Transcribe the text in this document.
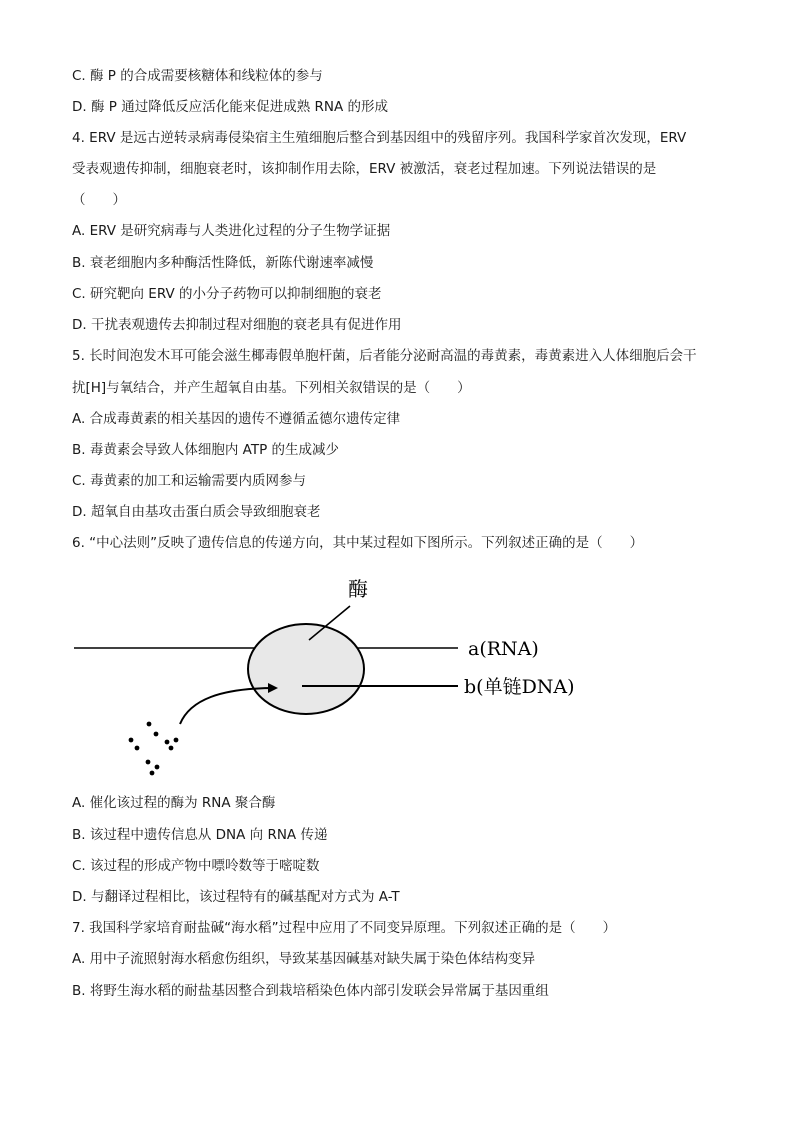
C. 酶 P 的合成需要核糖体和线粒体的参与
D. 酶 P 通过降低反应活化能来促进成熟 RNA 的形成
4. ERV 是远古逆转录病毒侵染宿主生殖细胞后整合到基因组中的残留序列。我国科学家首次发现，ERV
受表观遗传抑制，细胞衰老时，该抑制作用去除，ERV 被激活，衰老过程加速。下列说法错误的是
（　　）
A. ERV 是研究病毒与人类进化过程的分子生物学证据
B. 衰老细胞内多种酶活性降低，新陈代谢速率减慢
C. 研究靶向 ERV 的小分子药物可以抑制细胞的衰老
D. 干扰表观遗传去抑制过程对细胞的衰老具有促进作用
5. 长时间泡发木耳可能会滋生椰毒假单胞杆菌，后者能分泌耐高温的毒黄素，毒黄素进入人体细胞后会干
扰[H]与氧结合，并产生超氧自由基。下列相关叙错误的是（　　）
A. 合成毒黄素的相关基因的遗传不遵循孟德尔遗传定律
B. 毒黄素会导致人体细胞内 ATP 的生成减少
C. 毒黄素的加工和运输需要内质网参与
D. 超氧自由基攻击蛋白质会导致细胞衰老
6. “中心法则”反映了遗传信息的传递方向，其中某过程如下图所示。下列叙述正确的是（　　）
A. 催化该过程的酶为 RNA 聚合酶
B. 该过程中遗传信息从 DNA 向 RNA 传递
C. 该过程的形成产物中嘌呤数等于嘧啶数
D. 与翻译过程相比，该过程特有的碱基配对方式为 A-T
7. 我国科学家培育耐盐碱“海水稻”过程中应用了不同变异原理。下列叙述正确的是（　　）
A. 用中子流照射海水稻愈伤组织，导致某基因碱基对缺失属于染色体结构变异
B. 将野生海水稻的耐盐基因整合到栽培稻染色体内部引发联会异常属于基因重组
酶
a(RNA)
b(单链DNA)
